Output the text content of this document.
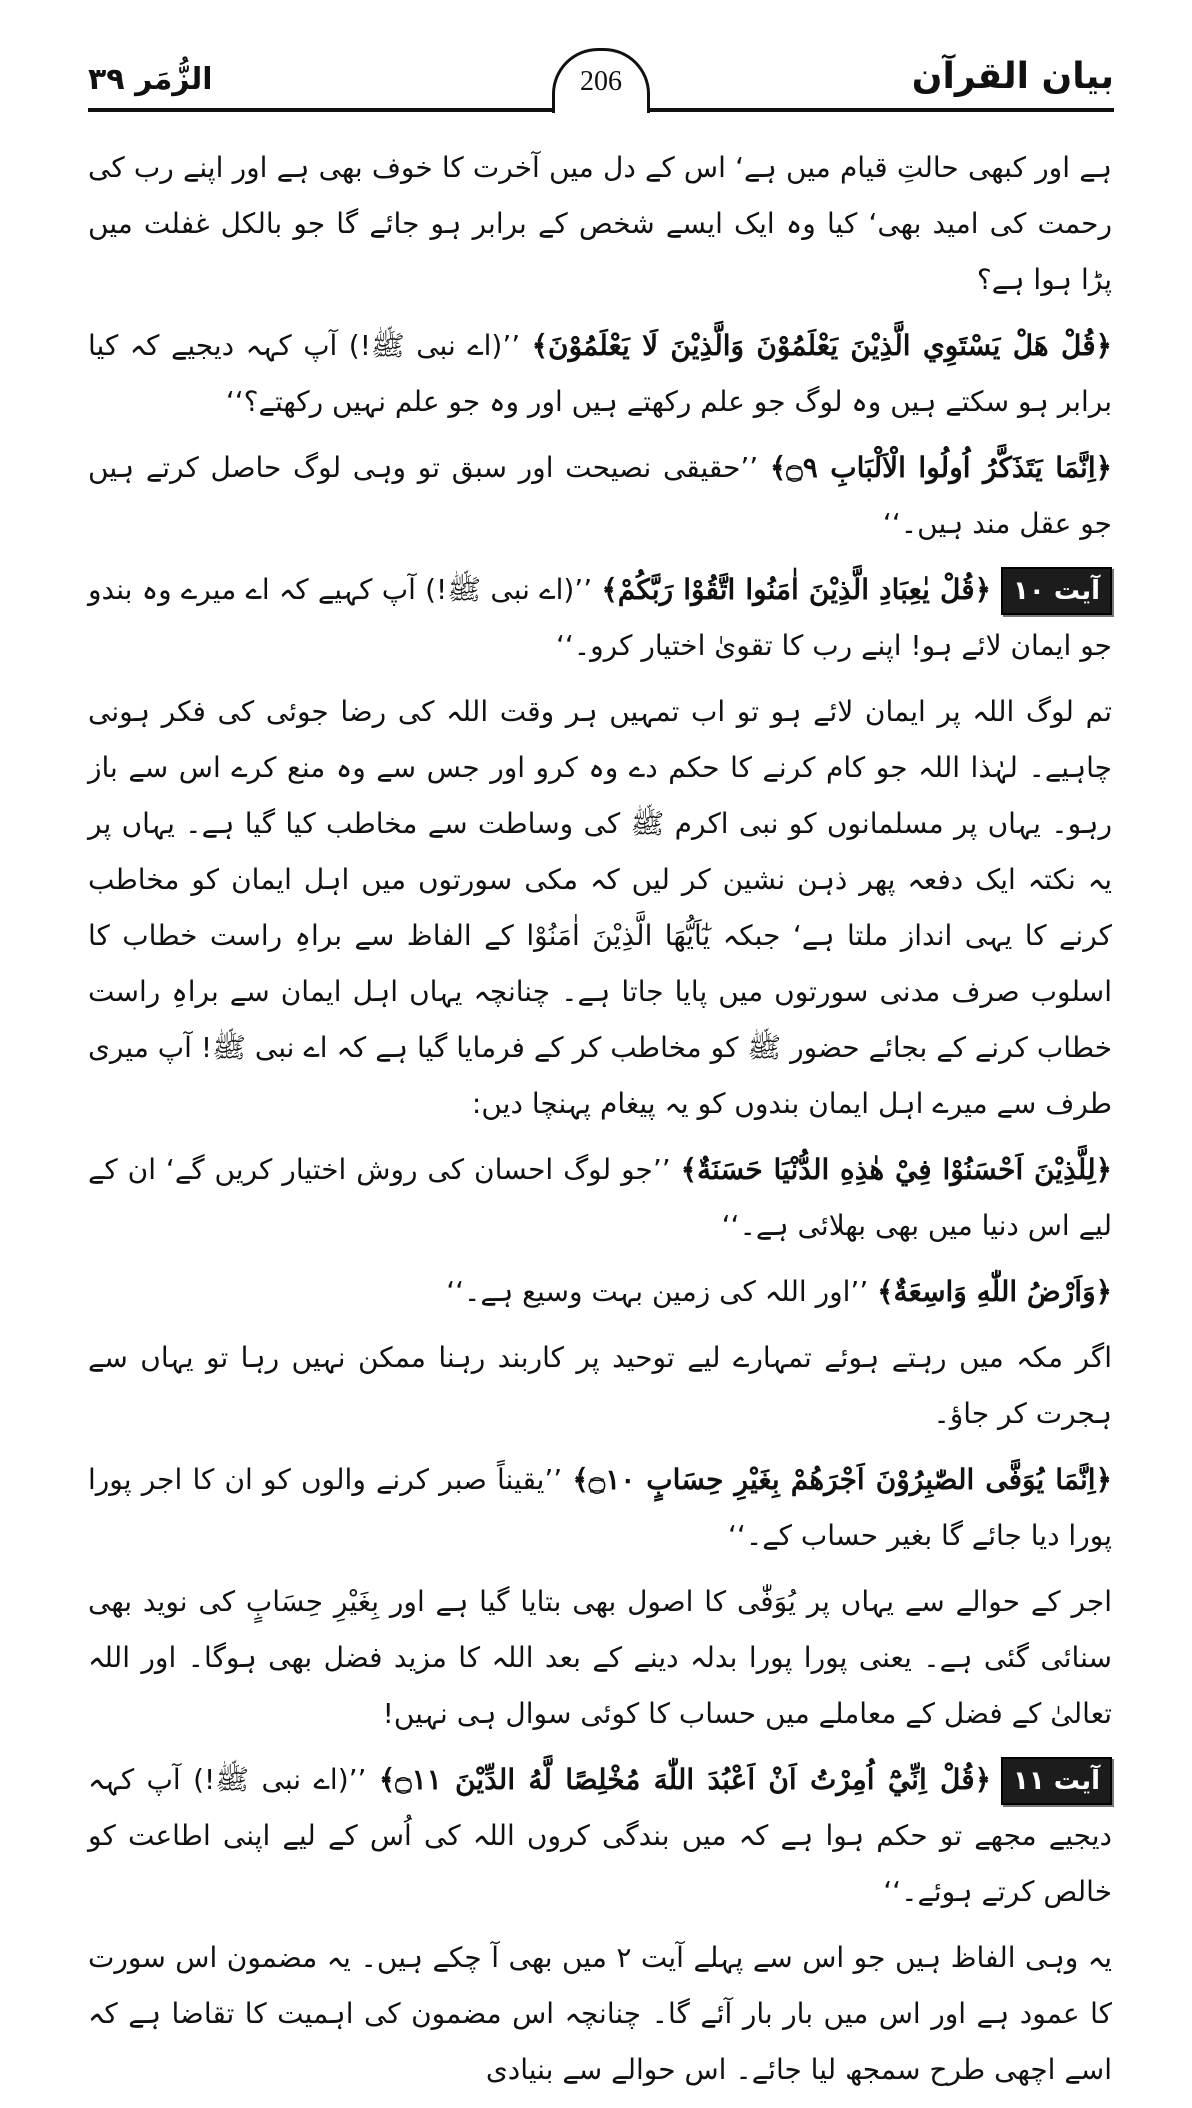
بیان القرآن
206
الزُّمَر ۳۹

ہے اور کبھی حالتِ قیام میں ہے‘ اس کے دل میں آخرت کا خوف بھی ہے اور اپنے رب کی رحمت کی امید بھی‘ کیا وہ ایک ایسے شخص کے برابر ہو جائے گا جو بالکل غفلت میں پڑا ہوا ہے؟

﴿قُلْ هَلْ يَسْتَوِي الَّذِيْنَ يَعْلَمُوْنَ وَالَّذِيْنَ لَا يَعْلَمُوْنَ﴾ ’’(اے نبی ﷺ!) آپ کہہ دیجیے کہ کیا برابر ہو سکتے ہیں وہ لوگ جو علم رکھتے ہیں اور وہ جو علم نہیں رکھتے؟‘‘

﴿اِنَّمَا يَتَذَكَّرُ اُولُوا الْاَلْبَابِ ۝٩﴾ ’’حقیقی نصیحت اور سبق تو وہی لوگ حاصل کرتے ہیں جو عقل مند ہیں۔‘‘

آیت ۱۰﴿قُلْ يٰعِبَادِ الَّذِيْنَ اٰمَنُوا اتَّقُوْا رَبَّكُمْ﴾ ’’(اے نبی ﷺ!) آپ کہیے کہ اے میرے وہ بندو جو ایمان لائے ہو! اپنے رب کا تقویٰ اختیار کرو۔‘‘

تم لوگ اللہ پر ایمان لائے ہو تو اب تمہیں ہر وقت اللہ کی رضا جوئی کی فکر ہونی چاہیے۔ لہٰذا اللہ جو کام کرنے کا حکم دے وہ کرو اور جس سے وہ منع کرے اس سے باز رہو۔ یہاں پر مسلمانوں کو نبی اکرم ﷺ کی وساطت سے مخاطب کیا گیا ہے۔ یہاں پر یہ نکتہ ایک دفعہ پھر ذہن نشین کر لیں کہ مکی سورتوں میں اہل ایمان کو مخاطب کرنے کا یہی انداز ملتا ہے‘ جبکہ يٰٓاَيُّهَا الَّذِيْنَ اٰمَنُوْا کے الفاظ سے براہِ راست خطاب کا اسلوب صرف مدنی سورتوں میں پایا جاتا ہے۔ چنانچہ یہاں اہل ایمان سے براہِ راست خطاب کرنے کے بجائے حضور ﷺ کو مخاطب کر کے فرمایا گیا ہے کہ اے نبی ﷺ! آپ میری طرف سے میرے اہل ایمان بندوں کو یہ پیغام پہنچا دیں:

﴿لِلَّذِيْنَ اَحْسَنُوْا فِيْ هٰذِهِ الدُّنْيَا حَسَنَةٌ﴾ ’’جو لوگ احسان کی روش اختیار کریں گے‘ ان کے لیے اس دنیا میں بھی بھلائی ہے۔‘‘

﴿وَاَرْضُ اللّٰهِ وَاسِعَةٌ﴾ ’’اور اللہ کی زمین بہت وسیع ہے۔‘‘

اگر مکہ میں رہتے ہوئے تمہارے لیے توحید پر کاربند رہنا ممکن نہیں رہا تو یہاں سے ہجرت کر جاؤ۔

﴿اِنَّمَا يُوَفَّى الصّٰبِرُوْنَ اَجْرَهُمْ بِغَيْرِ حِسَابٍ ۝١٠﴾ ’’یقیناً صبر کرنے والوں کو ان کا اجر پورا پورا دیا جائے گا بغیر حساب کے۔‘‘

اجر کے حوالے سے یہاں پر یُوَفّٰی کا اصول بھی بتایا گیا ہے اور بِغَيْرِ حِسَابٍ کی نوید بھی سنائی گئی ہے۔ یعنی پورا پورا بدلہ دینے کے بعد اللہ کا مزید فضل بھی ہوگا۔ اور اللہ تعالیٰ کے فضل کے معاملے میں حساب کا کوئی سوال ہی نہیں!

آیت ۱۱﴿قُلْ اِنِّيْٓ اُمِرْتُ اَنْ اَعْبُدَ اللّٰهَ مُخْلِصًا لَّهُ الدِّيْنَ ۝١١﴾ ’’(اے نبی ﷺ!) آپ کہہ دیجیے مجھے تو حکم ہوا ہے کہ میں بندگی کروں اللہ کی اُس کے لیے اپنی اطاعت کو خالص کرتے ہوئے۔‘‘

یہ وہی الفاظ ہیں جو اس سے پہلے آیت ۲ میں بھی آ چکے ہیں۔ یہ مضمون اس سورت کا عمود ہے اور اس میں بار بار آئے گا۔ چنانچہ اس مضمون کی اہمیت کا تقاضا ہے کہ اسے اچھی طرح سمجھ لیا جائے۔ اس حوالے سے بنیادی
